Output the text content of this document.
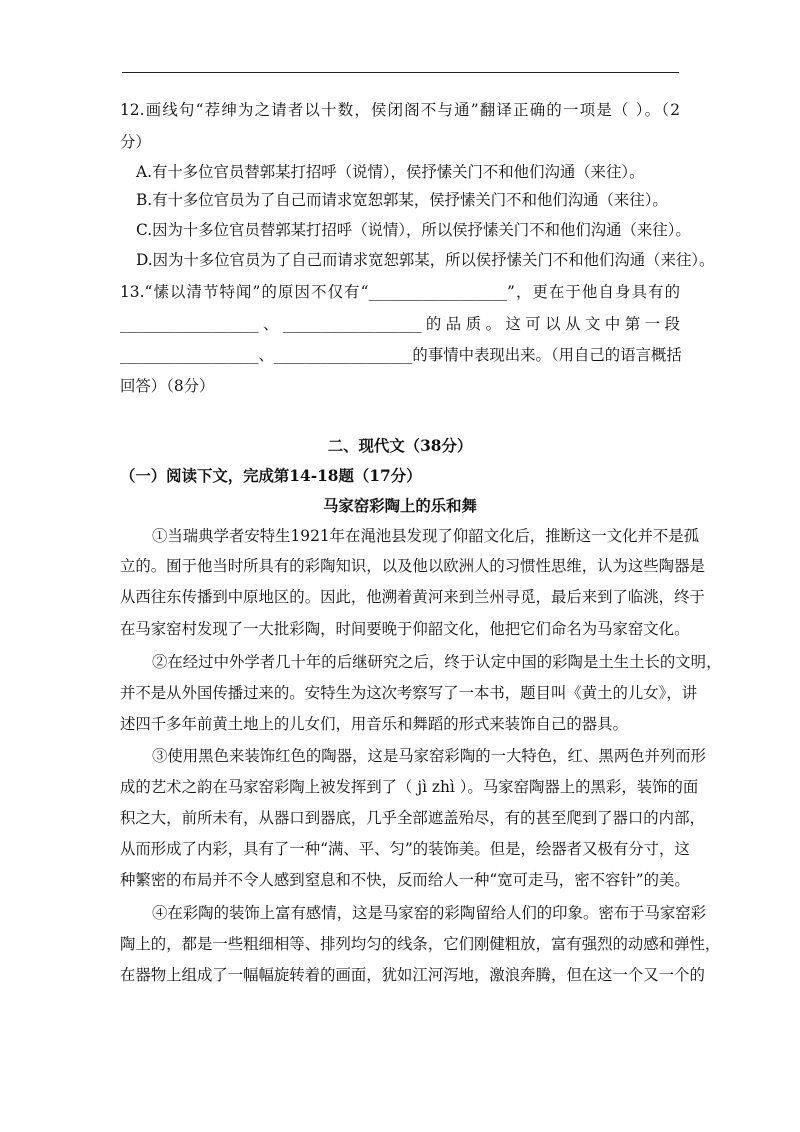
12.画线句“荐绅为之请者以十数，侯闭阁不与通”翻译正确的一项是（ ）。（2
分）
A.有十多位官员替郭某打招呼（说情），侯抒愫关门不和他们沟通（来往）。
B.有十多位官员为了自己而请求宽恕郭某，侯抒愫关门不和他们沟通（来往）。
C.因为十多位官员替郭某打招呼（说情），所以侯抒愫关门不和他们沟通（来往）。
D.因为十多位官员为了自己而请求宽恕郭某，所以侯抒愫关门不和他们沟通（来往）。
13.“愫以清节特闻”的原因不仅有“__________________”，更在于他自身具有的
__________________、__________________的品质。这可以从文中第一段
__________________、__________________的事情中表现出来。（用自己的语言概括
回答）（8分）
二、现代文（38分）
（一）阅读下文，完成第14-18题（17分）
马家窑彩陶上的乐和舞
①当瑞典学者安特生1921年在渑池县发现了仰韶文化后，推断这一文化并不是孤
立的。囿于他当时所具有的彩陶知识，以及他以欧洲人的习惯性思维，认为这些陶器是
从西往东传播到中原地区的。因此，他溯着黄河来到兰州寻觅，最后来到了临洮，终于
在马家窑村发现了一大批彩陶，时间要晚于仰韶文化，他把它们命名为马家窑文化。
②在经过中外学者几十年的后继研究之后，终于认定中国的彩陶是土生土长的文明，
并不是从外国传播过来的。安特生为这次考察写了一本书，题目叫《黄土的儿女》，讲
述四千多年前黄土地上的儿女们，用音乐和舞蹈的形式来装饰自己的器具。
③使用黑色来装饰红色的陶器，这是马家窑彩陶的一大特色，红、黑两色并列而形
成的艺术之韵在马家窑彩陶上被发挥到了（ jì zhì ）。马家窑陶器上的黑彩，装饰的面
积之大，前所未有，从器口到器底，几乎全部遮盖殆尽，有的甚至爬到了器口的内部，
从而形成了内彩，具有了一种“满、平、匀”的装饰美。但是，绘器者又极有分寸，这
种繁密的布局并不令人感到窒息和不快，反而给人一种“宽可走马，密不容针”的美。
④在彩陶的装饰上富有感情，这是马家窑的彩陶留给人们的印象。密布于马家窑彩
陶上的，都是一些粗细相等、排列均匀的线条，它们刚健粗放，富有强烈的动感和弹性，
在器物上组成了一幅幅旋转着的画面，犹如江河泻地，激浪奔腾，但在这一个又一个的
